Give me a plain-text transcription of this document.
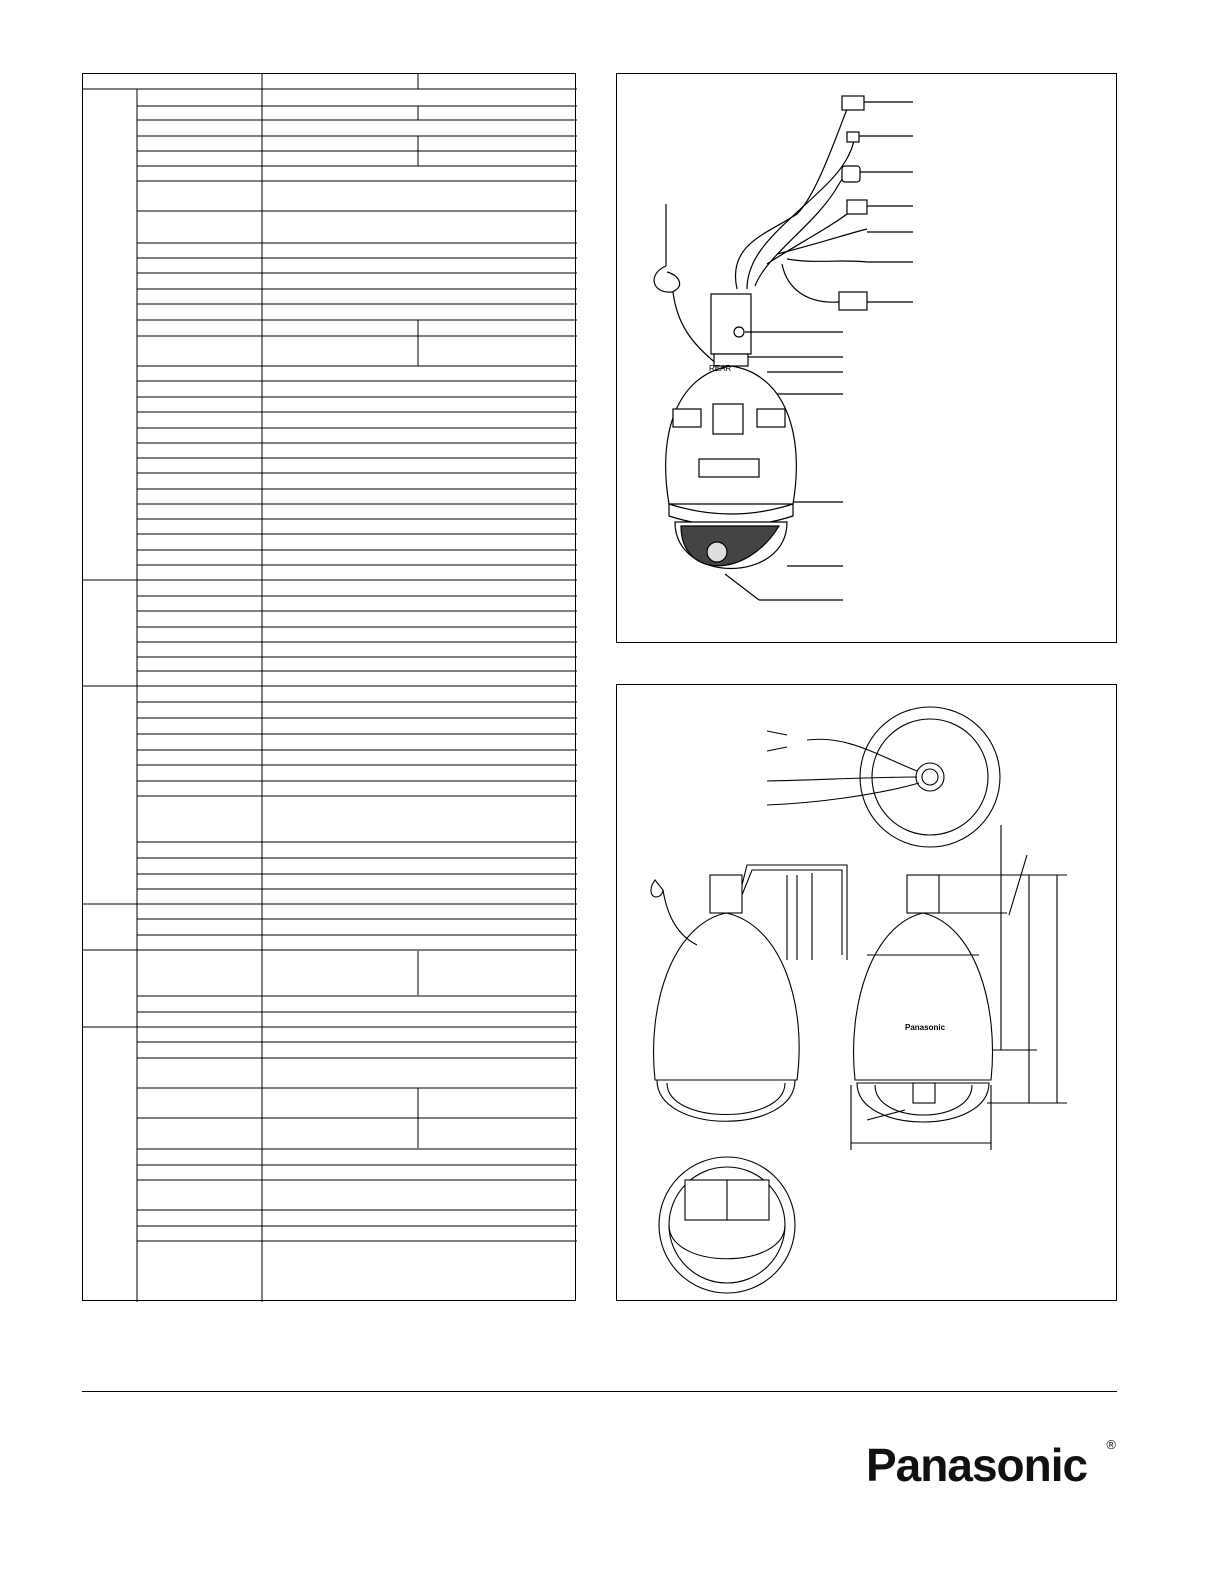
REAR
Panasonic
Panasonic ®
